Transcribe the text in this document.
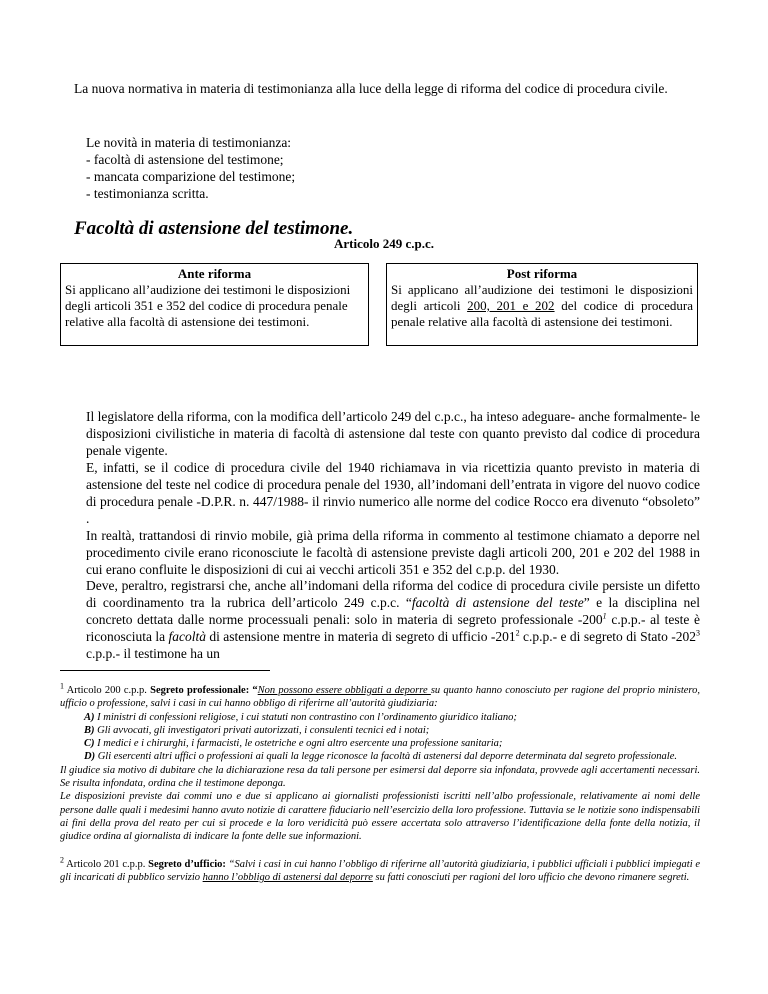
La nuova normativa in materia di testimonianza alla luce della legge di riforma del codice di procedura civile.
Le novità in materia di testimonianza:
- facoltà di astensione del testimone;
- mancata comparizione del testimone;
- testimonianza scritta.
Facoltà di astensione del testimone.
Articolo 249 c.p.c.
Ante riforma
Si applicano all’audizione dei testimoni le disposizioni degli articoli 351 e 352 del codice di procedura penale relative alla facoltà di astensione dei testimoni.
Post riforma
Si applicano all’audizione dei testimoni le disposizioni degli articoli 200, 201 e 202 del codice di procedura penale relative alla facoltà di astensione dei testimoni.
Il legislatore della riforma, con la modifica dell’articolo 249 del c.p.c., ha inteso adeguare- anche formalmente- le disposizioni civilistiche in materia di facoltà di astensione dal teste con quanto previsto dal codice di procedura penale vigente.
E, infatti, se il codice di procedura civile del 1940 richiamava in via ricettizia quanto previsto in materia di astensione del teste nel codice di procedura penale del 1930, all’indomani dell’entrata in vigore del nuovo codice di procedura penale -D.P.R. n. 447/1988- il rinvio numerico alle norme del codice Rocco era divenuto “obsoleto” .
In realtà, trattandosi di rinvio mobile, già prima della riforma in commento al testimone chiamato a deporre nel procedimento civile erano riconosciute le facoltà di astensione previste dagli articoli 200, 201 e 202 del 1988 in cui erano confluite le disposizioni di cui ai vecchi articoli 351 e 352 del c.p.p. del 1930.
Deve, peraltro, registrarsi che, anche all’indomani della riforma del codice di procedura civile persiste un difetto di coordinamento tra la rubrica dell’articolo 249 c.p.c. “facoltà di astensione del teste” e la disciplina nel concreto dettata dalle norme processuali penali: solo in materia di segreto professionale $-200^1$ c.p.p.- al teste è riconosciuta la facoltà di astensione mentre in materia di segreto di ufficio $-201^2$ c.p.p.- e di segreto di Stato $-202^3$ c.p.p.- il testimone ha un
$^1$ Articolo 200 c.p.p. Segreto professionale: “Non possono essere obbligati a deporre su quanto hanno conosciuto per ragione del proprio ministero, ufficio o professione, salvi i casi in cui hanno obbligo di riferirne all’autorità giudiziaria:
A) I ministri di confessioni religiose, i cui statuti non contrastino con l’ordinamento giuridico italiano;
B) Gli avvocati, gli investigatori privati autorizzati, i consulenti tecnici ed i notai;
C) I medici e i chirurghi, i farmacisti, le ostetriche e ogni altro esercente una professione sanitaria;
D) Gli esercenti altri uffici o professioni ai quali la legge riconosce la facoltà di astenersi dal deporre determinata dal segreto professionale.
Il giudice sia motivo di dubitare che la dichiarazione resa da tali persone per esimersi dal deporre sia infondata, provvede agli accertamenti necessari. Se risulta infondata, ordina che il testimone deponga.
Le disposizioni previste dai commi uno e due si applicano ai giornalisti professionisti iscritti nell’albo professionale, relativamente ai nomi delle persone dalle quali i medesimi hanno avuto notizie di carattere fiduciario nell’esercizio della loro professione. Tuttavia se le notizie sono indispensabili ai fini della prova del reato per cui si procede e la loro veridicità può essere accertata solo attraverso l’identificazione della fonte della notizia, il giudice ordina al giornalista di indicare la fonte delle sue informazioni.
$^2$ Articolo 201 c.p.p. Segreto d’ufficio: “Salvi i casi in cui hanno l’obbligo di riferirne all’autorità giudiziaria, i pubblici ufficiali i pubblici impiegati e gli incaricati di pubblico servizio hanno l’obbligo di astenersi dal deporre su fatti conosciuti per ragioni del loro ufficio che devono rimanere segreti.
